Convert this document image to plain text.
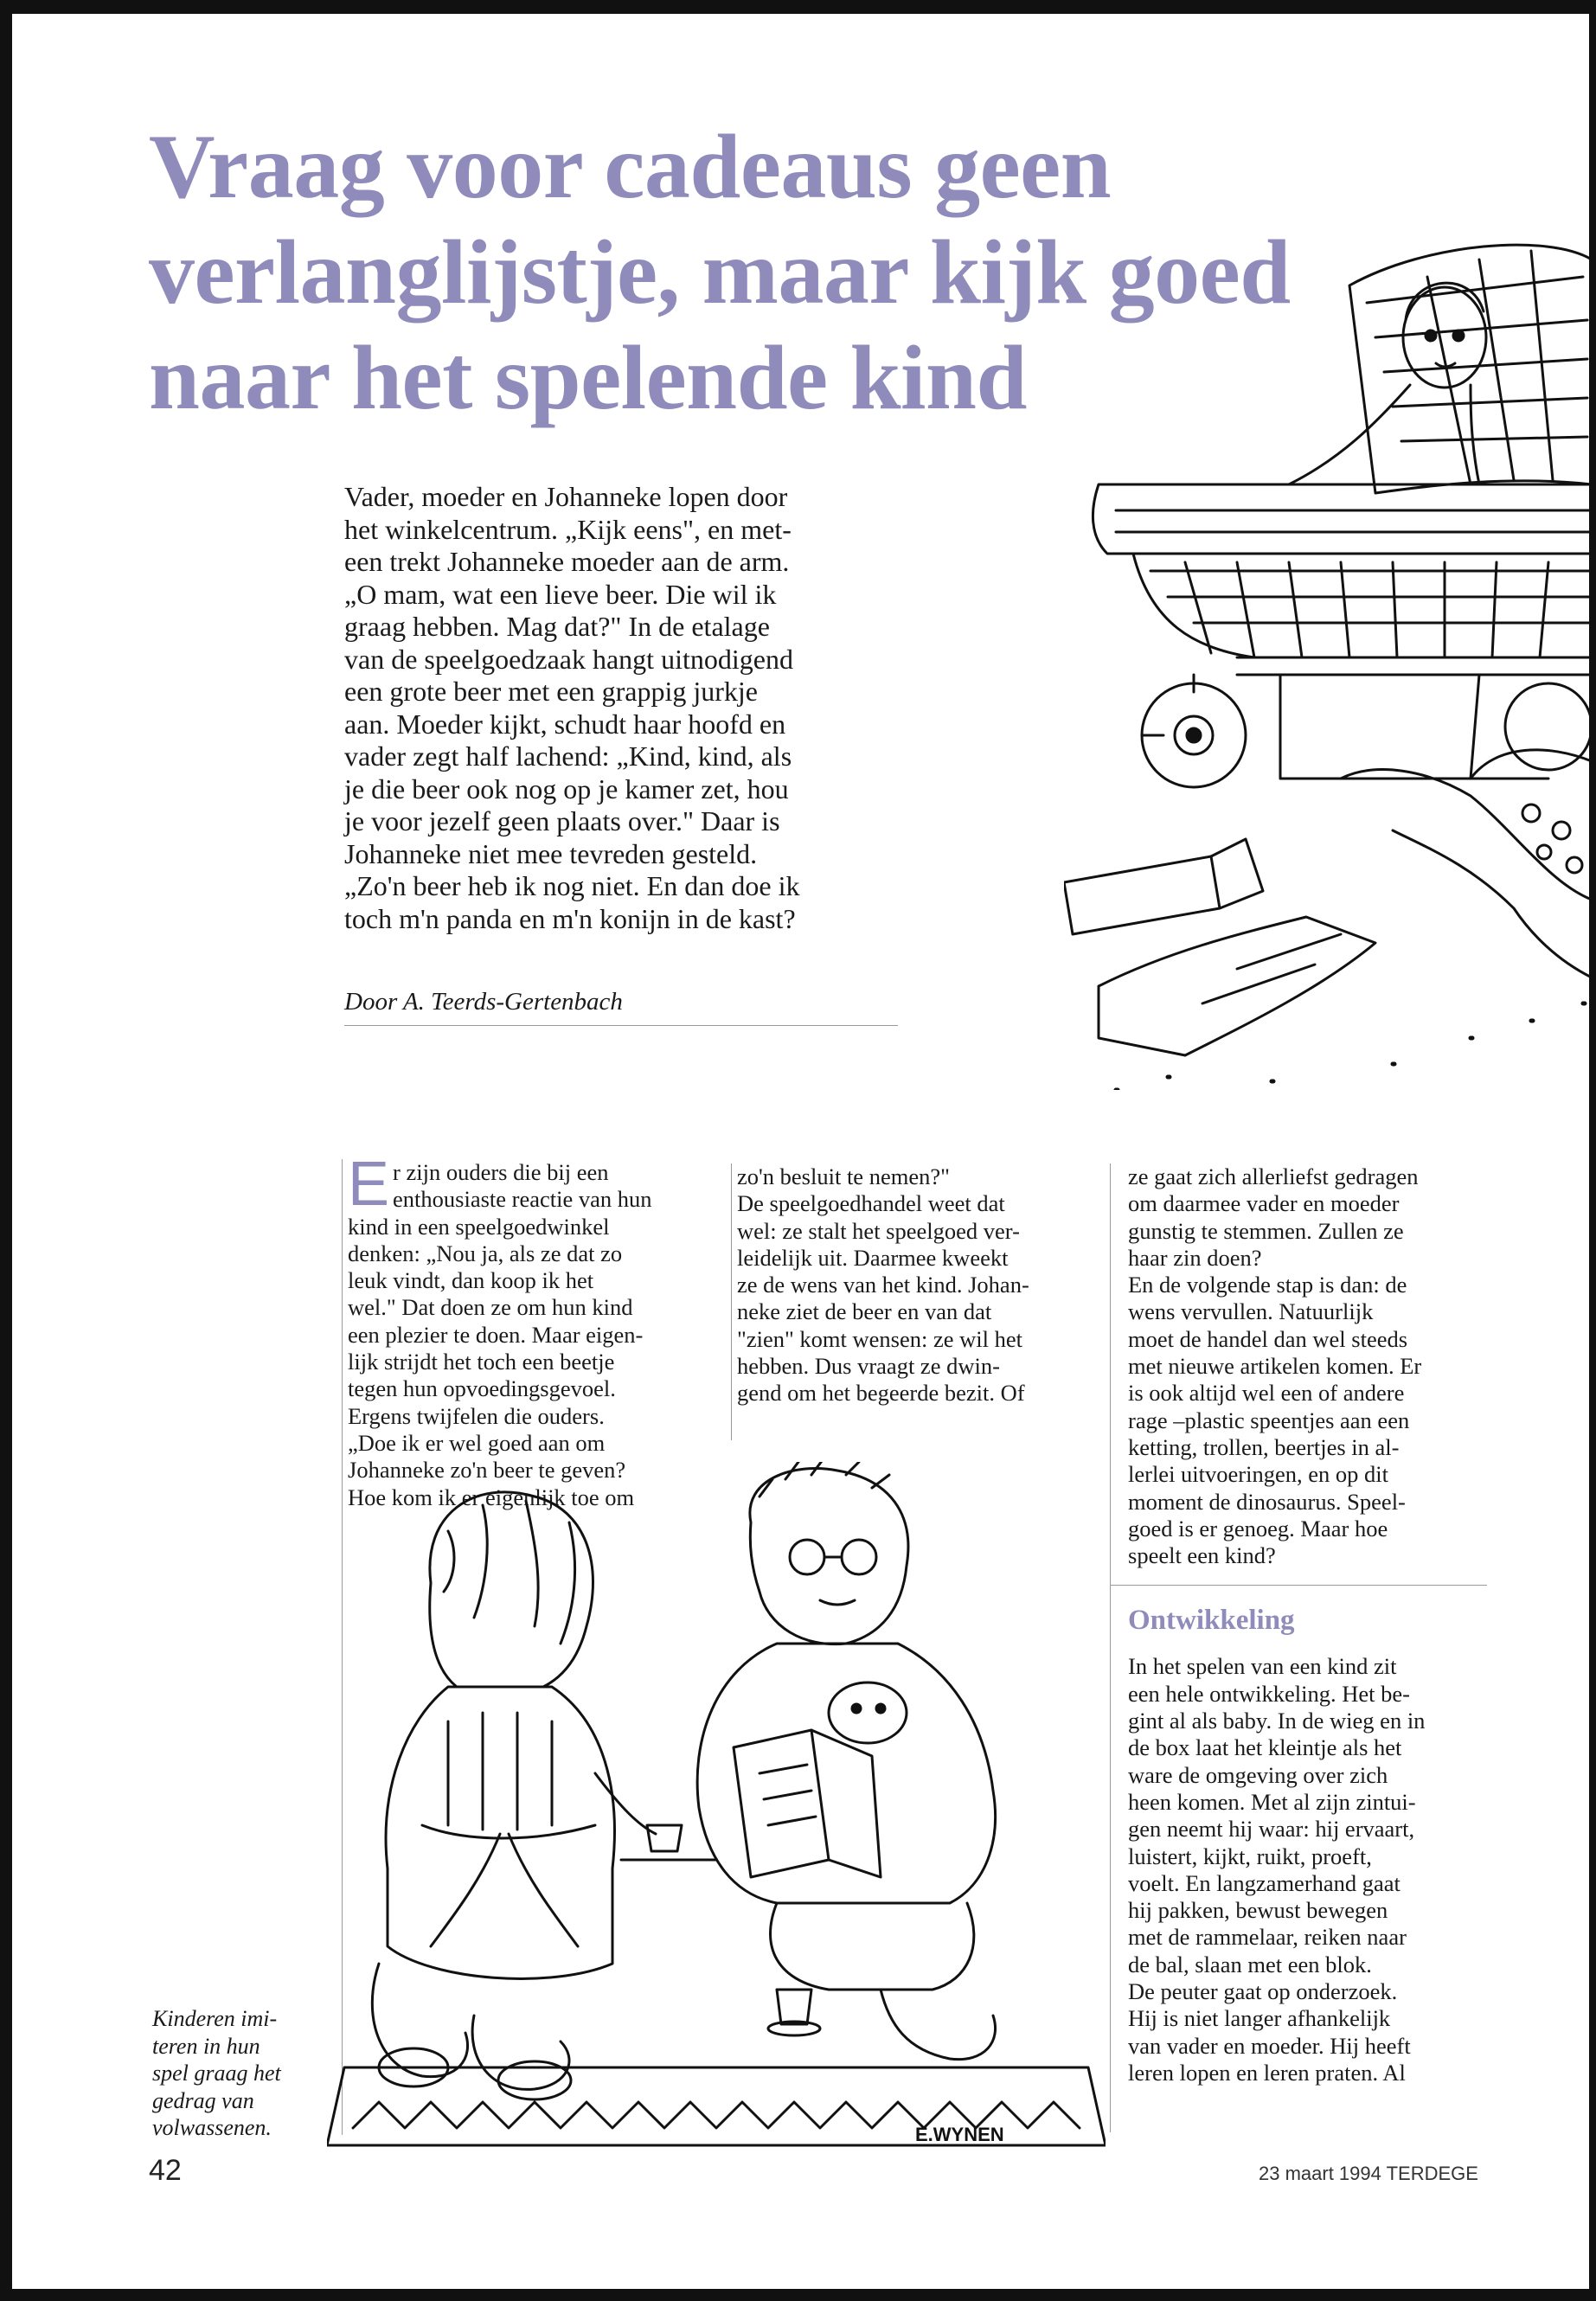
Vraag voor cadeaus geen
verlanglijstje, maar kijk goed
naar het spelende kind

Vader, moeder en Johanneke lopen door

het winkelcentrum. „Kijk eens", en met-

een trekt Johanneke moeder aan de arm.

„O mam, wat een lieve beer. Die wil ik

graag hebben. Mag dat?" In de etalage

van de speelgoedzaak hangt uitnodigend

een grote beer met een grappig jurkje

aan. Moeder kijkt, schudt haar hoofd en

vader zegt half lachend: „Kind, kind, als

je die beer ook nog op je kamer zet, hou

je voor jezelf geen plaats over." Daar is

Johanneke niet mee tevreden gesteld.

„Zo'n beer heb ik nog niet. En dan doe ik

toch m'n panda en m'n konijn in de kast?

Door A. Teerds-Gertenbach

Er zijn ouders die bij een

enthousiaste reactie van hun

kind in een speelgoedwinkel

denken: „Nou ja, als ze dat zo

leuk vindt, dan koop ik het

wel." Dat doen ze om hun kind

een plezier te doen. Maar eigen-

lijk strijdt het toch een beetje

tegen hun opvoedingsgevoel.

Ergens twijfelen die ouders.

„Doe ik er wel goed aan om

Johanneke zo'n beer te geven?

Hoe kom ik er eigenlijk toe om

zo'n besluit te nemen?"

De speelgoedhandel weet dat

wel: ze stalt het speelgoed ver-

leidelijk uit. Daarmee kweekt

ze de wens van het kind. Johan-

neke ziet de beer en van dat

"zien" komt wensen: ze wil het

hebben. Dus vraagt ze dwin-

gend om het begeerde bezit. Of

ze gaat zich allerliefst gedragen

om daarmee vader en moeder

gunstig te stemmen. Zullen ze

haar zin doen?

En de volgende stap is dan: de

wens vervullen. Natuurlijk

moet de handel dan wel steeds

met nieuwe artikelen komen. Er

is ook altijd wel een of andere

rage –plastic speentjes aan een

ketting, trollen, beertjes in al-

lerlei uitvoeringen, en op dit

moment de dinosaurus. Speel-

goed is er genoeg. Maar hoe

speelt een kind?

Ontwikkeling

In het spelen van een kind zit

een hele ontwikkeling. Het be-

gint al als baby. In de wieg en in

de box laat het kleintje als het

ware de omgeving over zich

heen komen. Met al zijn zintui-

gen neemt hij waar: hij ervaart,

luistert, kijkt, ruikt, proeft,

voelt. En langzamerhand gaat

hij pakken, bewust bewegen

met de rammelaar, reiken naar

de bal, slaan met een blok.

De peuter gaat op onderzoek.

Hij is niet langer afhankelijk

van vader en moeder. Hij heeft

leren lopen en leren praten. Al

E.WYNEN
Kinderen imi-
teren in hun
spel graag het
gedrag van
volwassenen.
42	23 maart 1994 TERDEGE
